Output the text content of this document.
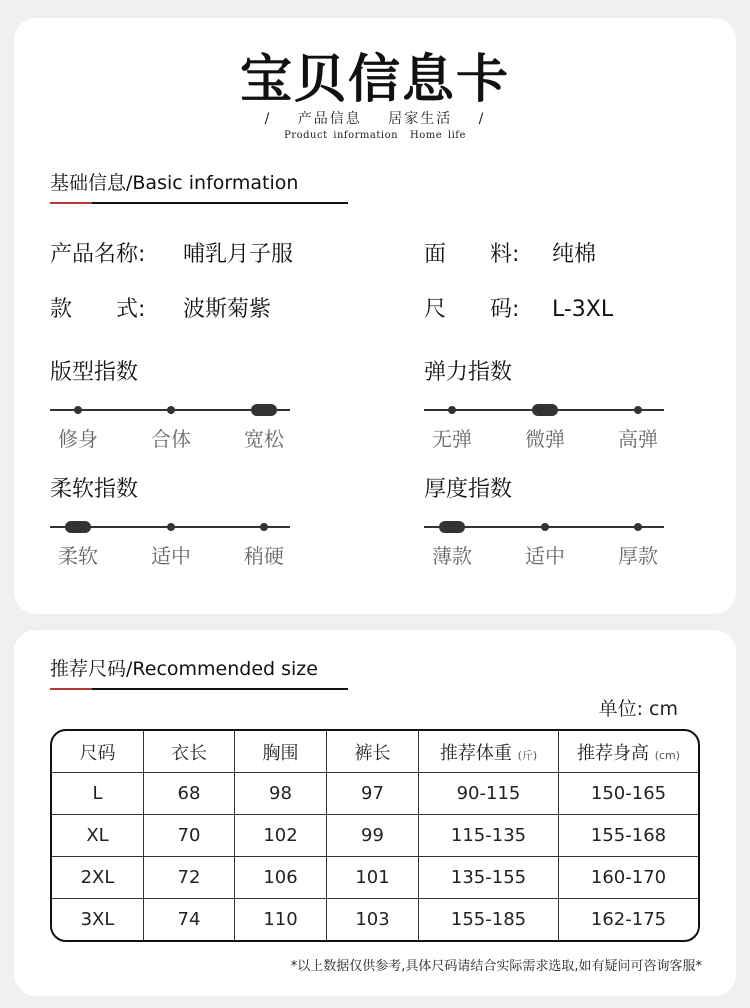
宝贝信息卡
/ 产品信息 居家生活 /
Product information Home life
基础信息/Basic information
产品名称: 哺乳月子服	面　　料: 纯棉
款　　式: 波斯菊紫	尺　　码: L-3XL
版型指数
修身	合体	宽松
弹力指数
无弹	微弹	高弹
柔软指数
柔软	适中	稍硬
厚度指数
薄款	适中	厚款
推荐尺码/Recommended size
单位: cm
尺码	衣长	胸围	裤长	推荐体重 (斤)	推荐身高 (cm)
L	68	98	97	90-115	150-165
XL	70	102	99	115-135	155-168
2XL	72	106	101	135-155	160-170
3XL	74	110	103	155-185	162-175
*以上数据仅供参考,具体尺码请结合实际需求选取,如有疑问可咨询客服*
